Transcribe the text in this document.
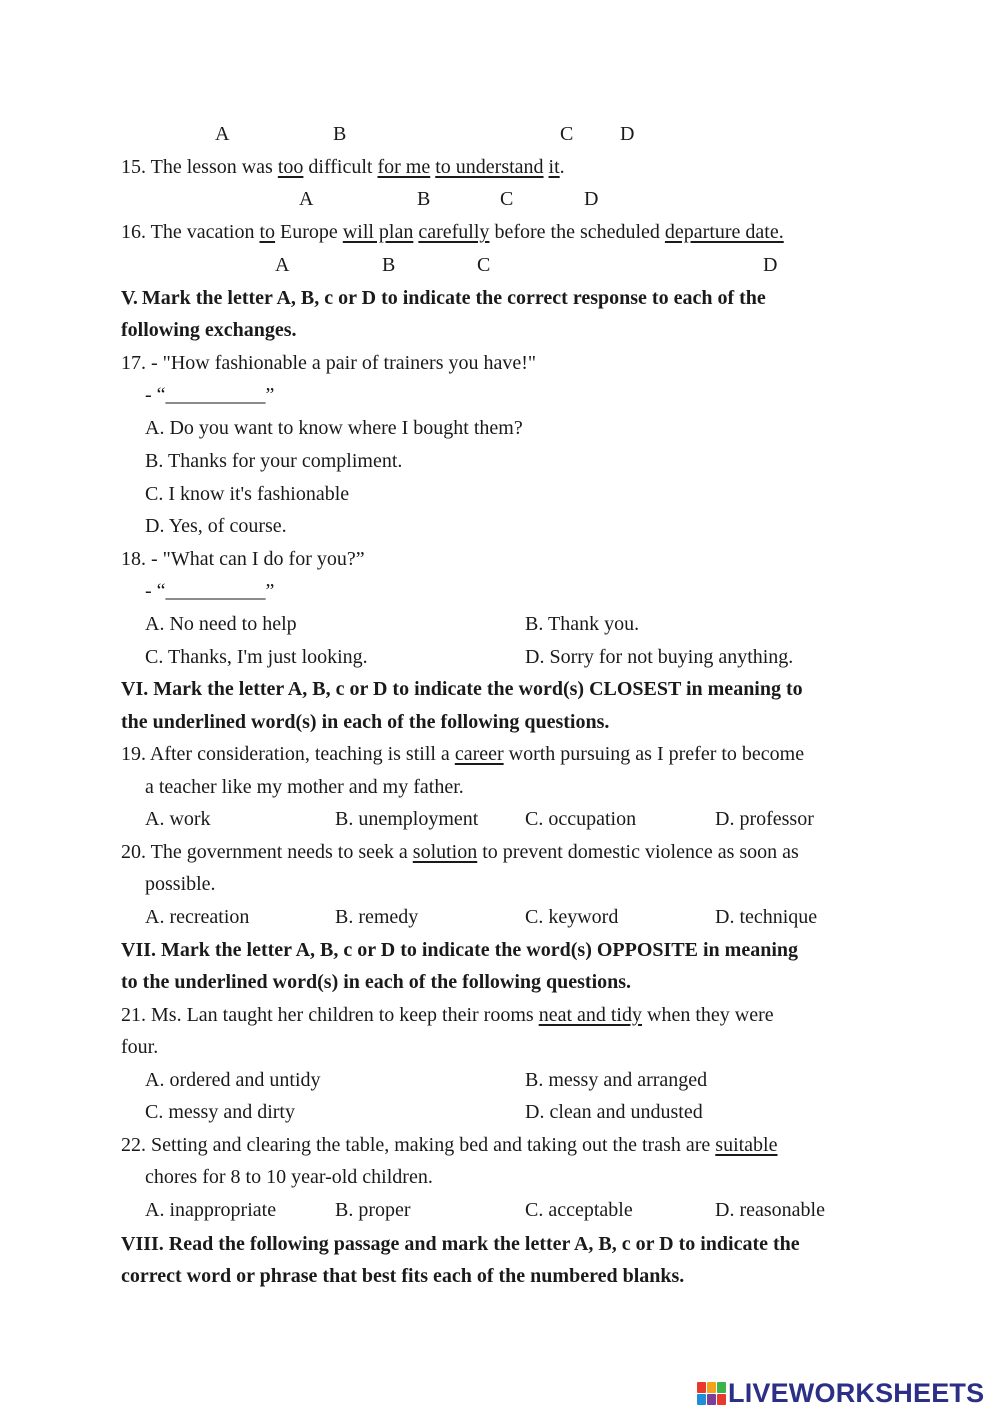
A	B	C D
15. The lesson was too difficult for me to understand it.
A	B	C	D
16. The vacation to Europe will plan carefully before the scheduled departure date.
A	B	C	D
V. Mark the letter A, B, c or D to indicate the correct response to each of the
following exchanges.
17. - "How fashionable a pair of trainers you have!"
- “__________”
A. Do you want to know where I bought them?
B. Thanks for your compliment.
C. I know it's fashionable
D. Yes, of course.
18. - "What can I do for you?”
- “__________”
A. No need to help	B. Thank you.
C. Thanks, I'm just looking.	D. Sorry for not buying anything.
VI. Mark the letter A, B, c or D to indicate the word(s) CLOSEST in meaning to
the underlined word(s) in each of the following questions.
19. After consideration, teaching is still a career worth pursuing as I prefer to become
a teacher like my mother and my father.
A. work	B. unemployment C. occupation	D. professor
20. The government needs to seek a solution to prevent domestic violence as soon as
possible.
A. recreation	B. remedy	C. keyword	D. technique
VII. Mark the letter A, B, c or D to indicate the word(s) OPPOSITE in meaning
to the underlined word(s) in each of the following questions.
21. Ms. Lan taught her children to keep their rooms neat and tidy when they were
four.
A. ordered and untidy	B. messy and arranged
C. messy and dirty	D. clean and undusted
22. Setting and clearing the table, making bed and taking out the trash are suitable
chores for 8 to 10 year-old children.
A. inappropriate	B. proper	C. acceptable	D. reasonable
VIII. Read the following passage and mark the letter A, B, c or D to indicate the
correct word or phrase that best fits each of the numbered blanks.
LIVEWORKSHEETS
